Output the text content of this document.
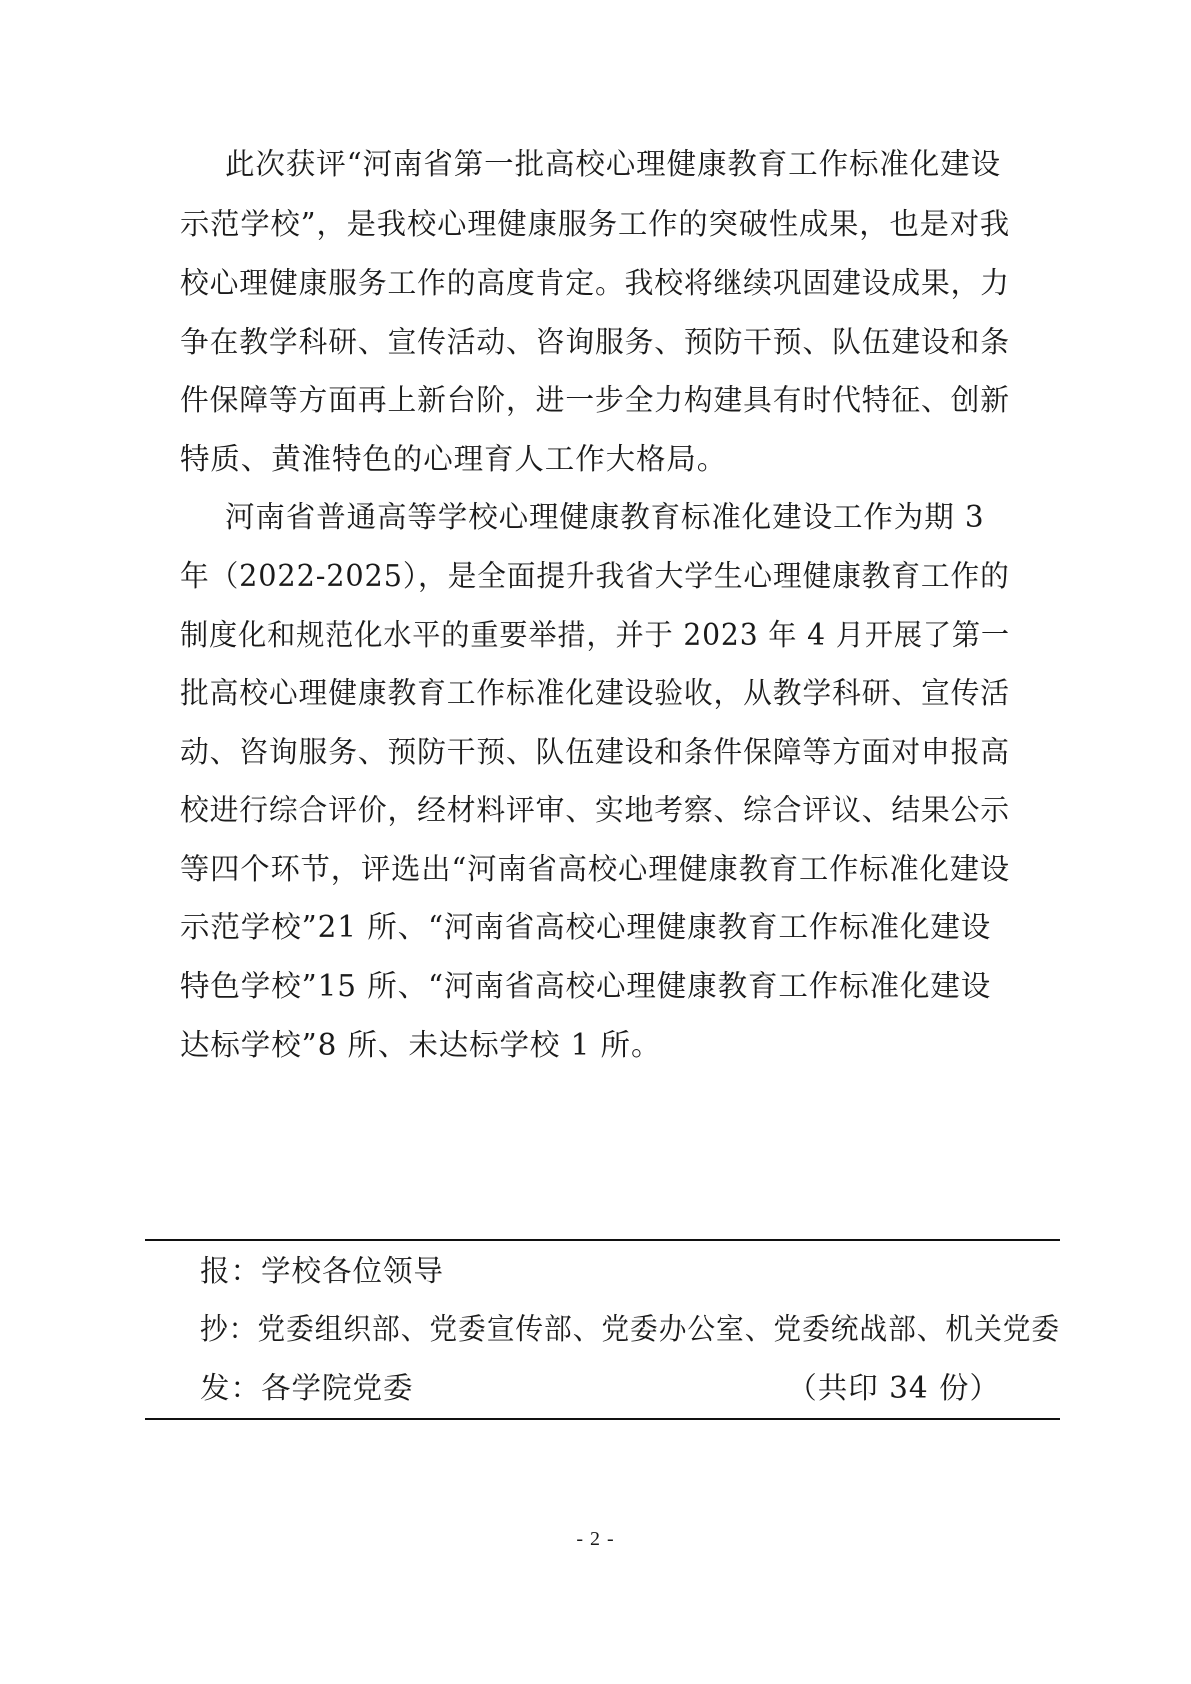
此次获评“河南省第一批高校心理健康教育工作标准化建设
示范学校”，是我校心理健康服务工作的突破性成果，也是对我
校心理健康服务工作的高度肯定。我校将继续巩固建设成果，力
争在教学科研、宣传活动、咨询服务、预防干预、队伍建设和条
件保障等方面再上新台阶，进一步全力构建具有时代特征、创新
特质、黄淮特色的心理育人工作大格局。
河南省普通高等学校心理健康教育标准化建设工作为期 3
年（2022-2025），是全面提升我省大学生心理健康教育工作的
制度化和规范化水平的重要举措，并于 2023 年 4 月开展了第一
批高校心理健康教育工作标准化建设验收，从教学科研、宣传活
动、咨询服务、预防干预、队伍建设和条件保障等方面对申报高
校进行综合评价，经材料评审、实地考察、综合评议、结果公示
等四个环节，评选出“河南省高校心理健康教育工作标准化建设
示范学校”21 所、“河南省高校心理健康教育工作标准化建设
特色学校”15 所、“河南省高校心理健康教育工作标准化建设
达标学校”8 所、未达标学校 1 所。
报：学校各位领导
抄：党委组织部、党委宣传部、党委办公室、党委统战部、机关党委
发：各学院党委	（共印 34 份）
- 2 -
